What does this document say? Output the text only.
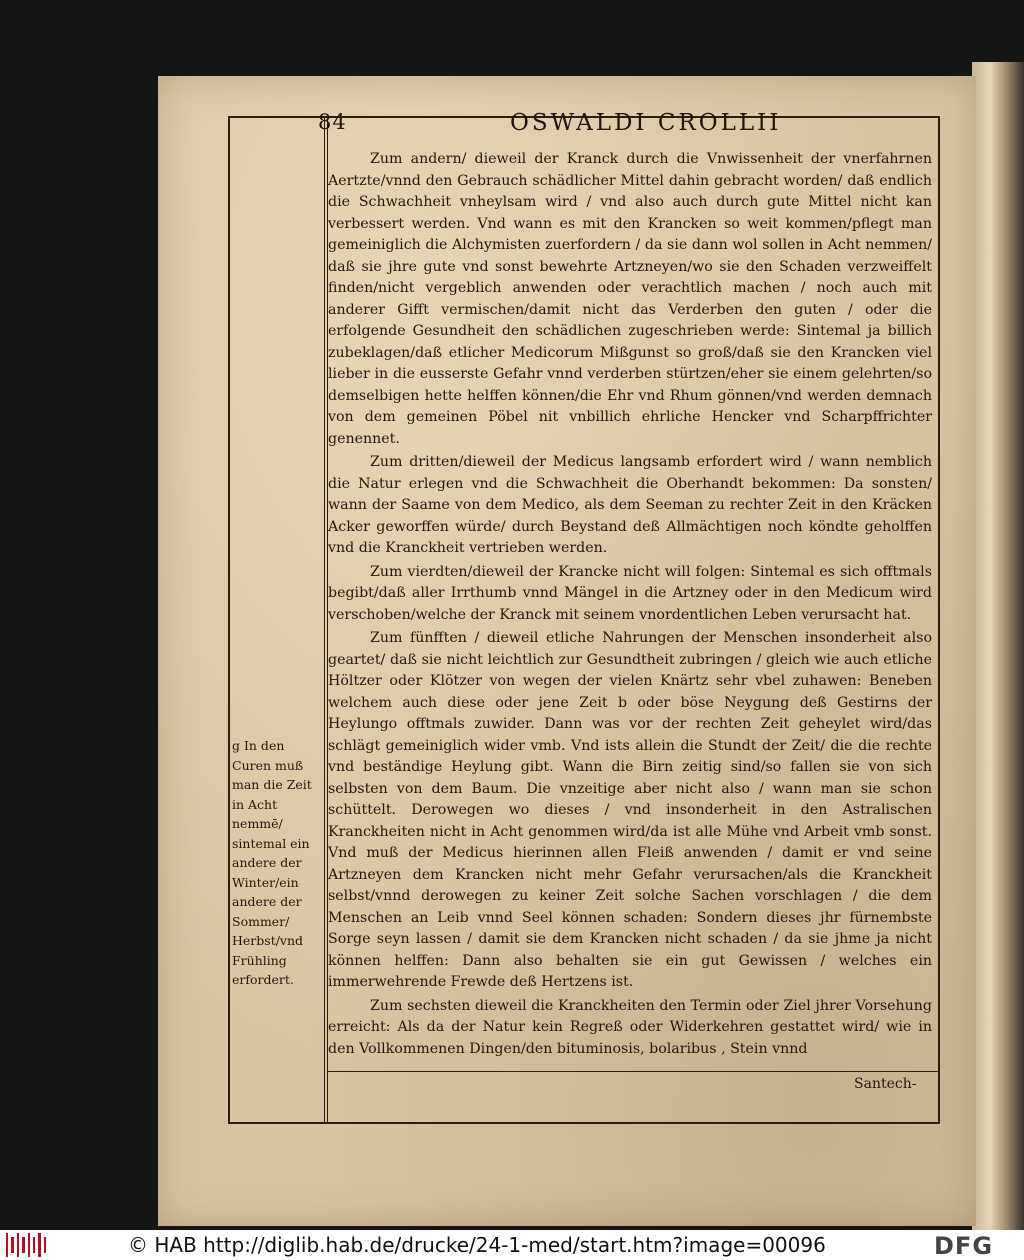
84	OSWALDI CROLLII

Zum andern/ dieweil der Kranck durch die Vnwissenheit der vnerfahrnen Aertzte/vnnd den Gebrauch schädlicher Mittel dahin gebracht worden/ daß endlich die Schwachheit vnheylsam wird / vnd also auch durch gute Mittel nicht kan verbessert werden. Vnd wann es mit den Krancken so weit kommen/pflegt man gemeiniglich die Alchymisten zuerfordern / da sie dann wol sollen in Acht nemmen/ daß sie jhre gute vnd sonst bewehrte Artzneyen/wo sie den Schaden verzweiffelt finden/nicht vergeblich anwenden oder verachtlich machen / noch auch mit anderer Gifft vermischen/damit nicht das Verderben den guten / oder die erfolgende Gesundheit den schädlichen zugeschrieben werde: Sintemal ja billich zubeklagen/daß etlicher Medicorum Mißgunst so groß/daß sie den Krancken viel lieber in die eusserste Gefahr vnnd verderben stürtzen/eher sie einem gelehrten/so demselbigen hette helffen können/die Ehr vnd Rhum gönnen/vnd werden demnach von dem gemeinen Pöbel nit vnbillich ehrliche Hencker vnd Scharpffrichter genennet.

Zum dritten/dieweil der Medicus langsamb erfordert wird / wann nemblich die Natur erlegen vnd die Schwachheit die Oberhandt bekommen: Da sonsten/ wann der Saame von dem Medico, als dem Seeman zu rechter Zeit in den Kräcken Acker geworffen würde/ durch Beystand deß Allmächtigen noch köndte geholffen vnd die Kranckheit vertrieben werden.

Zum vierdten/dieweil der Krancke nicht will folgen: Sintemal es sich offtmals begibt/daß aller Irrthumb vnnd Mängel in die Artzney oder in den Medicum wird verschoben/welche der Kranck mit seinem vnordentlichen Leben verursacht hat.

Zum fünfften / dieweil etliche Nahrungen der Menschen insonderheit also geartet/ daß sie nicht leichtlich zur Gesundtheit zubringen / gleich wie auch etliche Höltzer oder Klötzer von wegen der vielen Knärtz sehr vbel zuhawen: Beneben welchem auch diese oder jene Zeit b oder böse Neygung deß Gestirns der Heylungo offtmals zuwider. Dann was vor der rechten Zeit geheylet wird/das schlägt gemeiniglich wider vmb. Vnd ists allein die Stundt der Zeit/ die die rechte vnd beständige Heylung gibt. Wann die Birn zeitig sind/so fallen sie von sich selbsten von dem Baum. Die vnzeitige aber nicht also / wann man sie schon schüttelt. Derowegen wo dieses / vnd insonderheit in den Astralischen Kranckheiten nicht in Acht genommen wird/da ist alle Mühe vnd Arbeit vmb sonst. Vnd muß der Medicus hierinnen allen Fleiß anwenden / damit er vnd seine Artzneyen dem Krancken nicht mehr Gefahr verursachen/als die Kranckheit selbst/vnnd derowegen zu keiner Zeit solche Sachen vorschlagen / die dem Menschen an Leib vnnd Seel können schaden: Sondern dieses jhr fürnembste Sorge seyn lassen / damit sie dem Krancken nicht schaden / da sie jhme ja nicht können helffen: Dann also behalten sie ein gut Gewissen / welches ein immerwehrende Frewde deß Hertzens ist.

Zum sechsten dieweil die Kranckheiten den Termin oder Ziel jhrer Vorsehung erreicht: Als da der Natur kein Regreß oder Widerkehren gestattet wird/ wie in den Vollkommenen Dingen/den bituminosis, bolaribus , Stein vnnd

g In den Curen muß man die Zeit in Acht nemmē/ sintemal ein andere der Winter/ein andere der Sommer/ Herbst/vnd Frühling erfordert.
Santech-
© HAB http://diglib.hab.de/drucke/24-1-med/start.htm?image=00096	DFG
